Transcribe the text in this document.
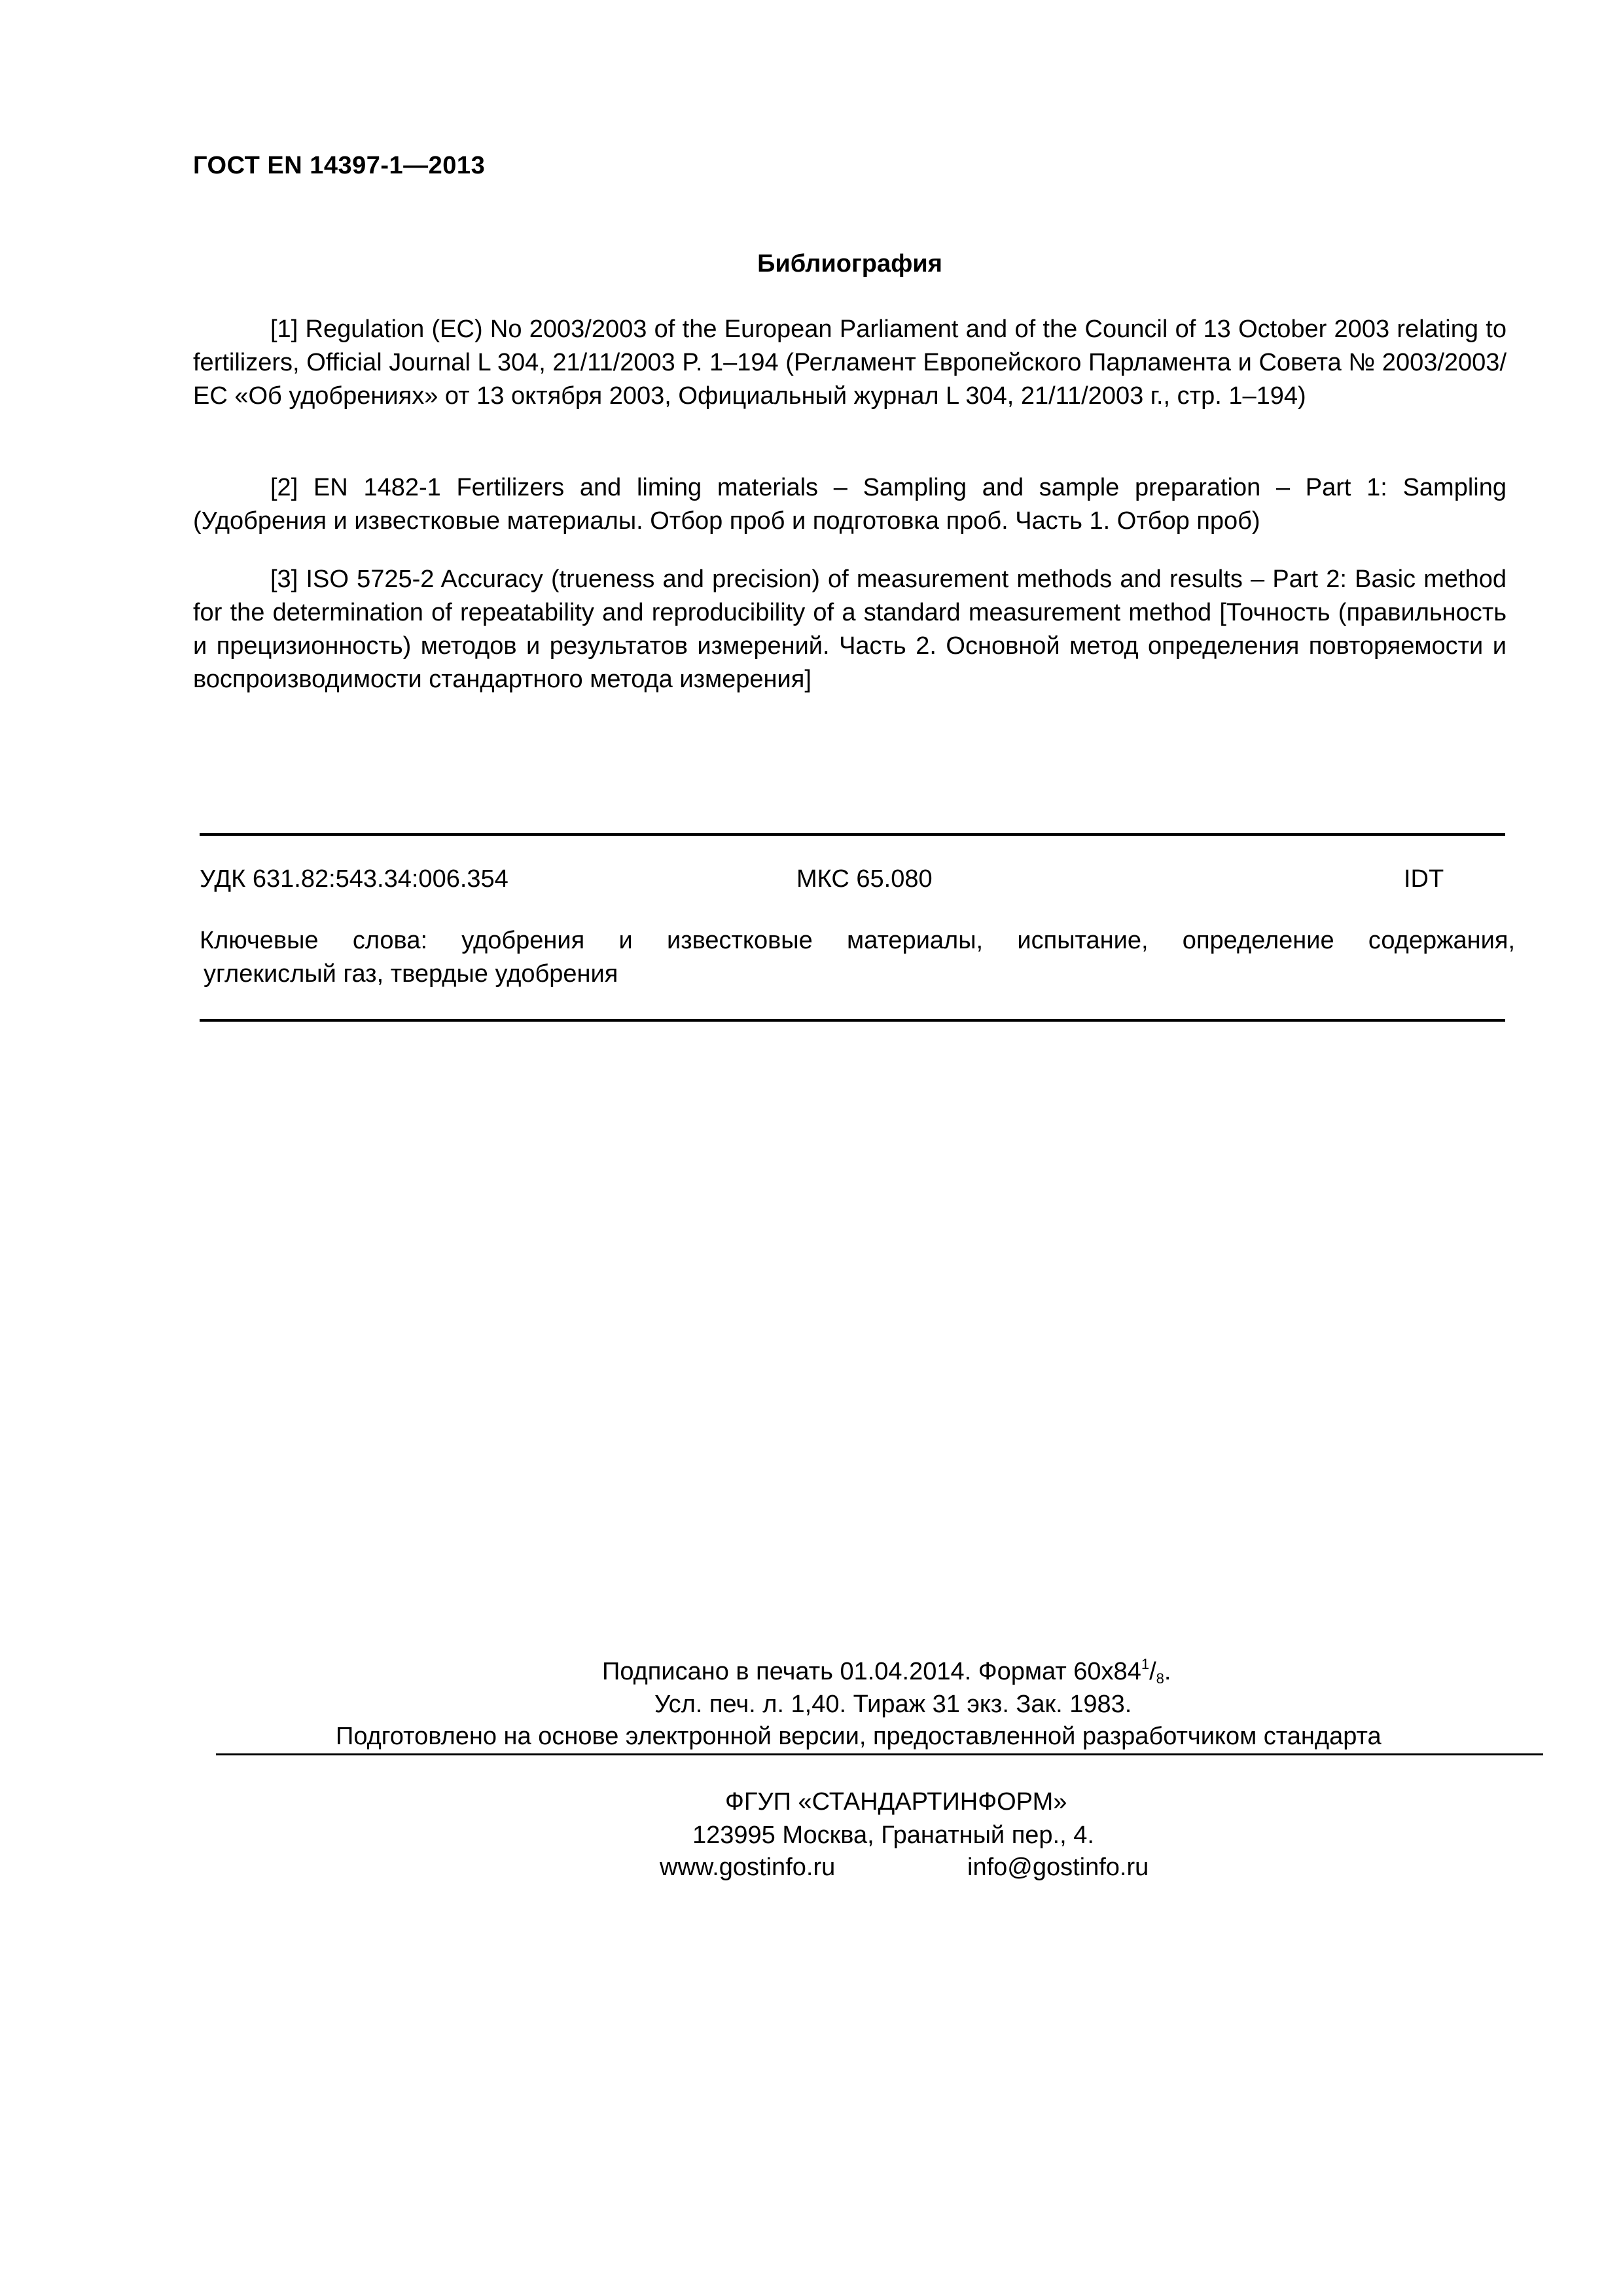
ГОСТ EN 14397-1—2013
Библиография
[1] Regulation (EC) No 2003/2003 of the European Parliament and of the Council of 13 October 2003 relating to fertilizers, Official Journal L 304, 21/11/2003 P. 1–194 (Регламент Европейского Парламента и Совета № 2003/2003/ЕС «Об удобрениях» от 13 октября 2003, Официальный журнал L 304, 21/11/2003 г., стр. 1–194)
[2] EN 1482-1 Fertilizers and liming materials – Sampling and sample preparation – Part 1: Sampling (Удобрения и известковые материалы. Отбор проб и подготовка проб. Часть 1. Отбор проб)
[3] ISO 5725-2 Accuracy (trueness and precision) of measurement methods and results – Part 2: Basic method for the determination of repeatability and reproducibility of a standard measurement method [Точность (правильность и прецизионность) методов и результатов измерений. Часть 2. Основной метод определения повторяемости и воспроизводимости стандартного метода измерения]
УДК 631.82:543.34:006.354	МКС 65.080	IDT
Ключевые слова: удобрения и известковые материалы, испытание, определение содержания,
углекислый газ, твердые удобрения
Подписано в печать 01.04.2014. Формат $60x84^1/_8$.
Усл. печ. л. 1,40. Тираж 31 экз. Зак. 1983.
Подготовлено на основе электронной версии, предоставленной разработчиком стандарта
ФГУП «СТАНДАРТИНФОРМ»
123995 Москва, Гранатный пер., 4.
www.gostinfo.ru	info@gostinfo.ru
